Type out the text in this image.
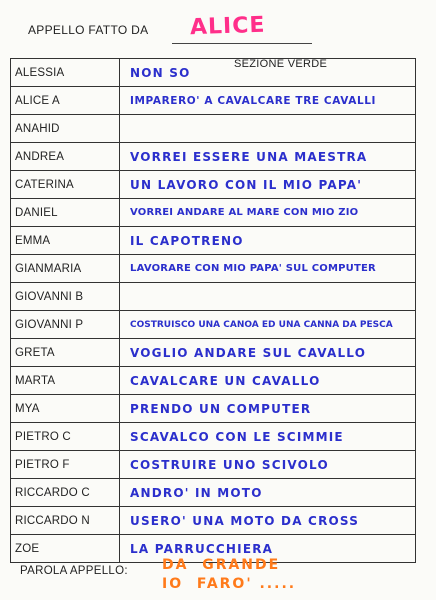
APPELLO FATTO DA ALICE
SEZIONE VERDE
ALESSIA	NON SO
ALICE A	IMPARERO' A CAVALCARE TRE CAVALLI
ANAHID	
ANDREA	VORREI ESSERE UNA MAESTRA
CATERINA	UN LAVORO CON IL MIO PAPA'
DANIEL	VORREI ANDARE AL MARE CON MIO ZIO
EMMA	IL CAPOTRENO
GIANMARIA	LAVORARE CON MIO PAPA' SUL COMPUTER
GIOVANNI B	
GIOVANNI P	COSTRUISCO UNA CANOA ED UNA CANNA DA PESCA
GRETA	VOGLIO ANDARE SUL CAVALLO
MARTA	CAVALCARE UN CAVALLO
MYA	PRENDO UN COMPUTER
PIETRO C	SCAVALCO CON LE SCIMMIE
PIETRO F	COSTRUIRE UNO SCIVOLO
RICCARDO C	ANDRO' IN MOTO
RICCARDO N	USERO' UNA MOTO DA CROSS
ZOE	LA PARRUCCHIERA
PAROLA APPELLO: DA  GRANDE
IO  FARO' .....
